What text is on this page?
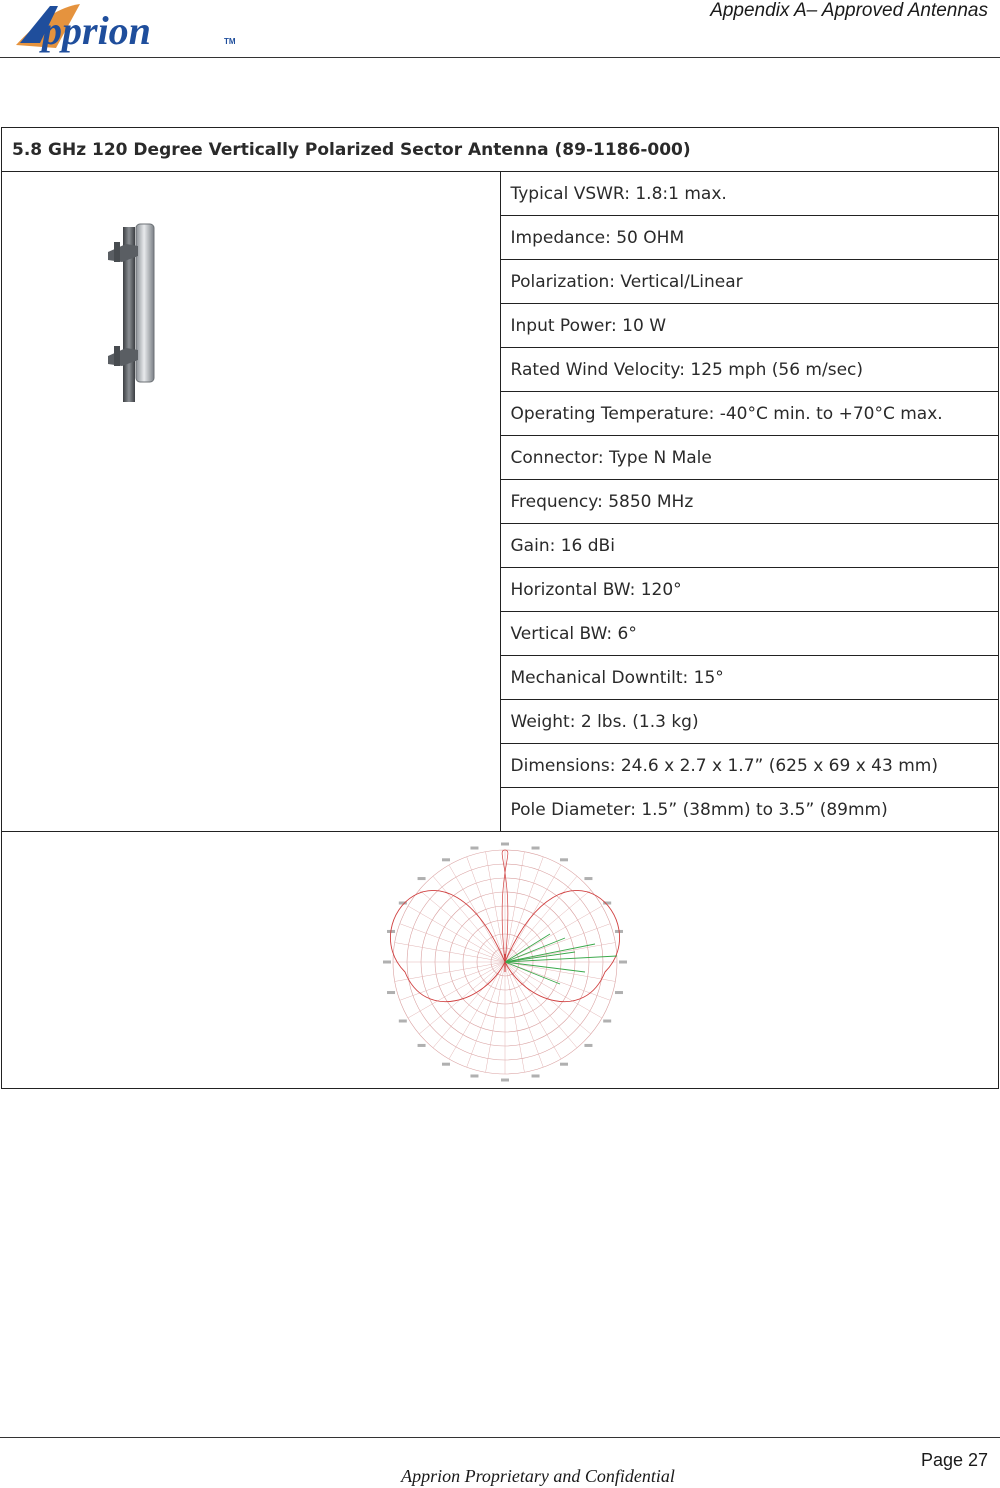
pprion	TM
Appendix A– Approved Antennas
5.8 GHz 120 Degree Vertically Polarized Sector Antenna (89-1186-000)

	Typical VSWR: 1.8:1 max.
Impedance: 50 OHM
Polarization: Vertical/Linear
Input Power: 10 W
Rated Wind Velocity: 125 mph (56 m/sec)
Operating Temperature: -40°C min. to +70°C max.
Connector: Type N Male
Frequency: 5850 MHz
Gain: 16 dBi
Horizontal BW: 120°
Vertical BW: 6°
Mechanical Downtilt: 15°
Weight: 2 lbs. (1.3 kg)
Dimensions: 24.6 x 2.7 x 1.7” (625 x 69 x 43 mm)
Pole Diameter: 1.5” (38mm) to 3.5” (89mm)

Page 27
Apprion Proprietary and Confidential
